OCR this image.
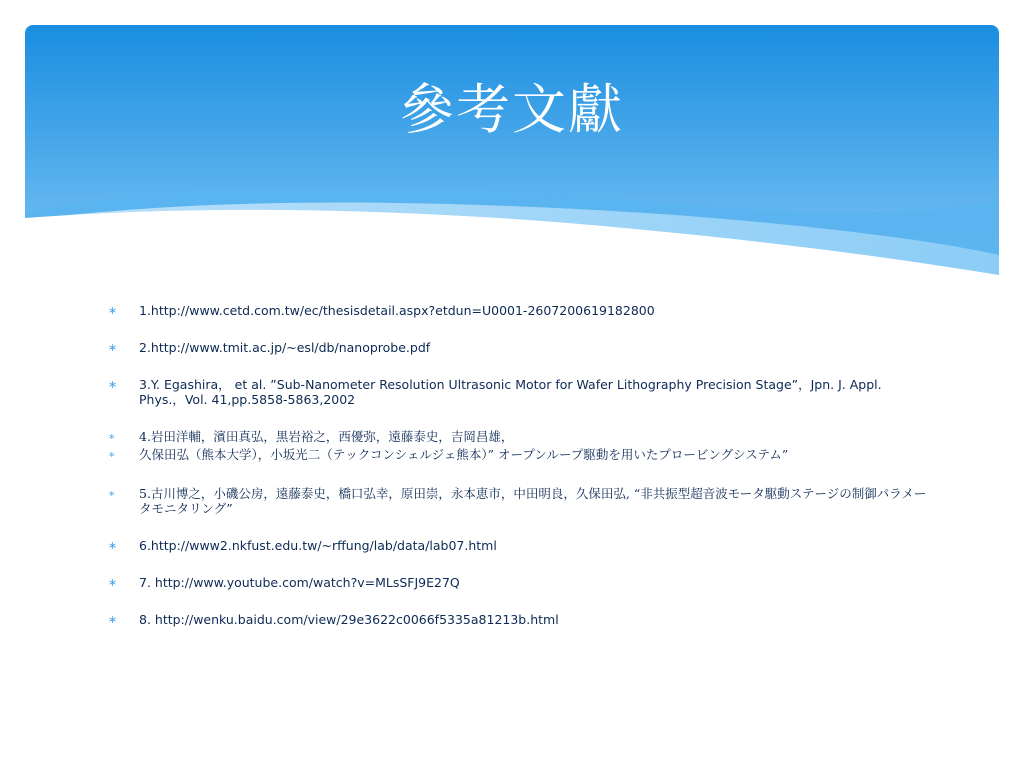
參考文獻
∗ 1.http://www.cetd.com.tw/ec/thesisdetail.aspx?etdun=U0001-2607200619182800
∗ 2.http://www.tmit.ac.jp/~esl/db/nanoprobe.pdf
∗ 3.Y. Egashira， et al. ”Sub-Nanometer Resolution Ultrasonic Motor for Wafer Lithography Precision Stage”，Jpn. J. Appl. Phys.，Vol. 41,pp.5858-5863,2002
∗ 4.岩田洋輔，濱田真弘，黒岩裕之，西優弥，遠藤泰史，吉岡昌雄，
∗ 久保田弘（熊本大学），小坂光二（テックコンシェルジェ熊本）” オープンループ駆動を用いたプロービングシステム”
∗ 5.古川博之，小磯公房，遠藤泰史，橋口弘幸，原田崇，永本恵市，中田明良，久保田弘, “非共振型超音波モータ駆動ステージの制御パラメータモニタリング”
∗ 6.http://www2.nkfust.edu.tw/~rffung/lab/data/lab07.html
∗ 7. http://www.youtube.com/watch?v=MLsSFJ9E27Q
∗ 8. http://wenku.baidu.com/view/29e3622c0066f5335a81213b.html
